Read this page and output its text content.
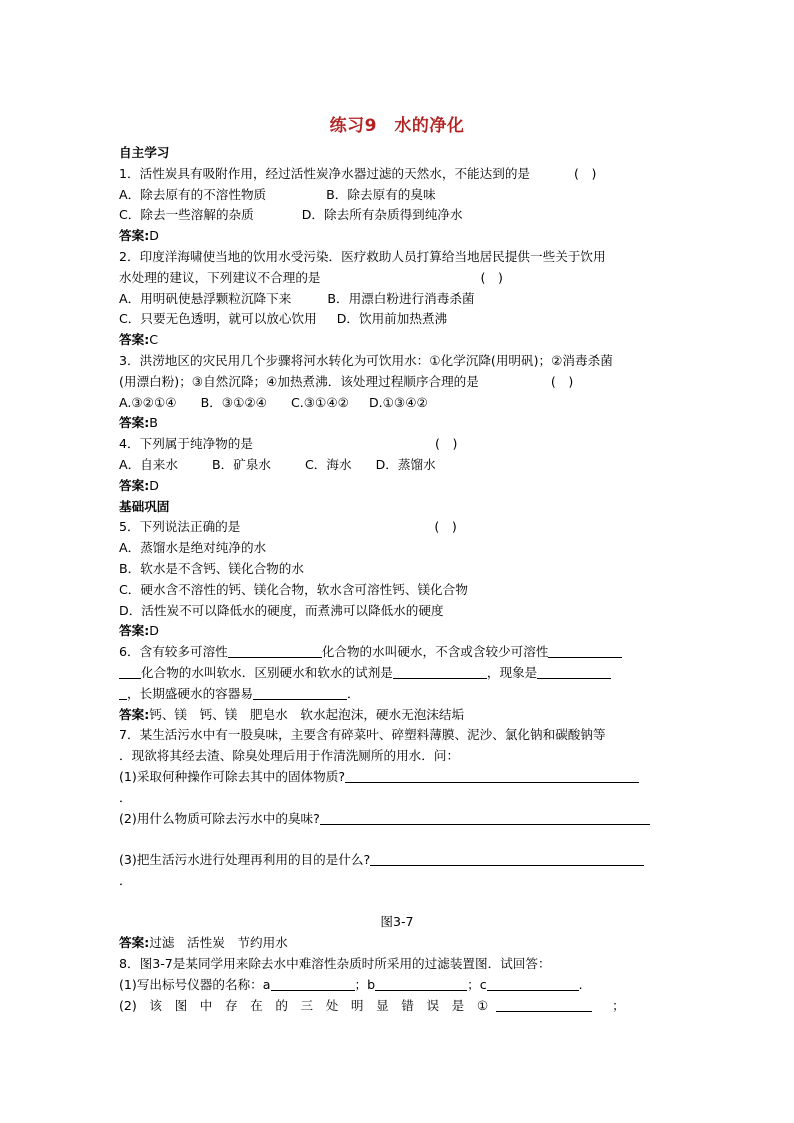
练习9　水的净化
自主学习
1．活性炭具有吸附作用，经过活性炭净水器过滤的天然水，不能达到的是	(　)
A．除去原有的不溶性物质	B．除去原有的臭味
C．除去一些溶解的杂质	D．除去所有杂质得到纯净水
答案:D
2．印度洋海啸使当地的饮用水受污染．医疗救助人员打算给当地居民提供一些关于饮用
水处理的建议，下列建议不合理的是	(　)
A．用明矾使悬浮颗粒沉降下来	B．用漂白粉进行消毒杀菌
C．只要无色透明，就可以放心饮用 D．饮用前加热煮沸
答案:C
3．洪涝地区的灾民用几个步骤将河水转化为可饮用水：①化学沉降(用明矾)；②消毒杀菌
(用漂白粉)；③自然沉降；④加热煮沸．该处理过程顺序合理的是	(　)
A.③②①④ B．③①②④ C.③①④② D.①③④②
答案:B
4．下列属于纯净物的是	(　)
A．自来水	B．矿泉水	C．海水 D．蒸馏水
答案:D
基础巩固
5．下列说法正确的是	(　)
A．蒸馏水是绝对纯净的水
B．软水是不含钙、镁化合物的水
C．硬水含不溶性的钙、镁化合物，软水含可溶性钙、镁化合物
D．活性炭不可以降低水的硬度，而煮沸可以降低水的硬度
答案:D
6．含有较多可溶性	化合物的水叫硬水，不含或含较少可溶性
化合物的水叫软水．区别硬水和软水的试剂是	，现象是
，长期盛硬水的容器易	．
答案:钙、镁　钙、镁　肥皂水　软水起泡沫，硬水无泡沫结垢
7．某生活污水中有一股臭味，主要含有碎菜叶、碎塑料薄膜、泥沙、氯化钠和碳酸钠等
．现欲将其经去渣、除臭处理后用于作清洗厕所的用水．问：
(1)采取何种操作可除去其中的固体物质?
．
(2)用什么物质可除去污水中的臭味?
(3)把生活污水进行处理再利用的目的是什么?
．
图3-7
答案:过滤　活性炭　节约用水
8．图3-7是某同学用来除去水中难溶性杂质时所采用的过滤装置图．试回答：
(1)写出标号仪器的名称：a	；b	；c	.
(2)　该　图　中　存　在　的　三　处　明　显　错　误　是　①	；
